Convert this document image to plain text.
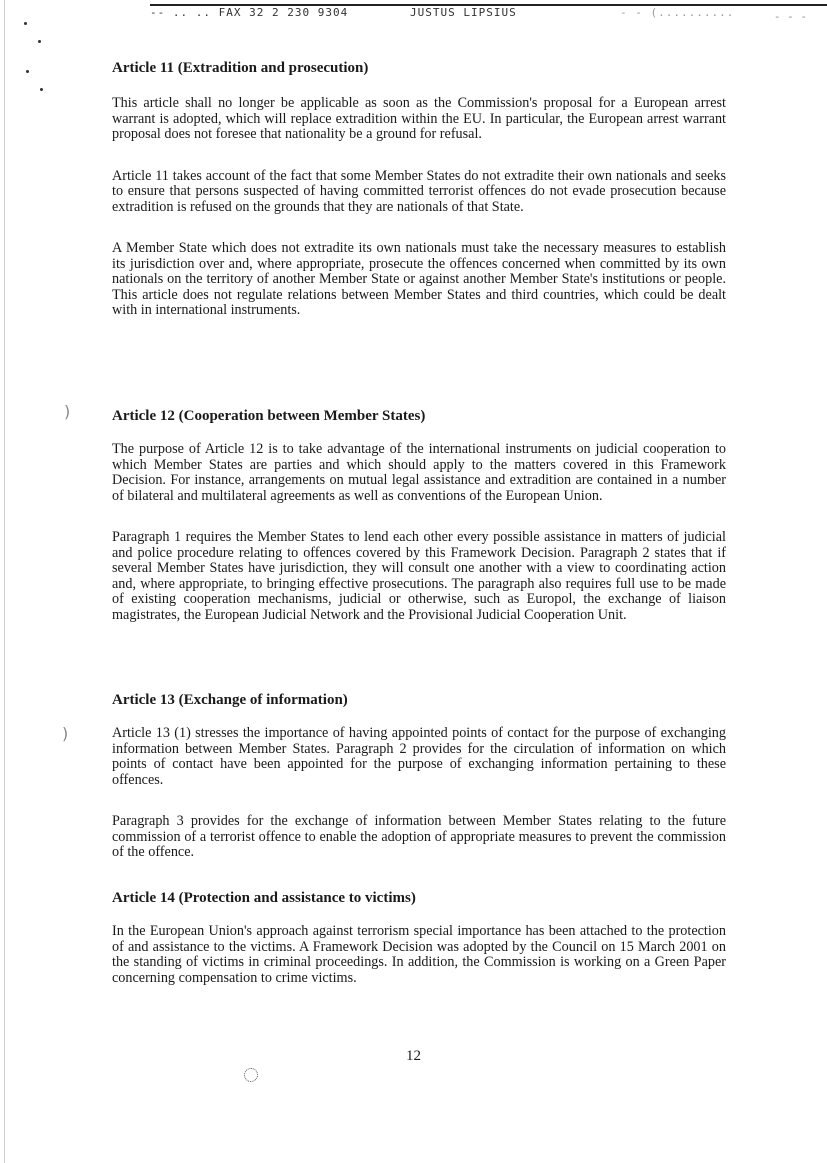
)
)
-- .. .. FAX 32 2 230 9304	JUSTUS LIPSIUS	- - (..........	- - -
Article 11 (Extradition and prosecution)

This article shall no longer be applicable as soon as the Commission's proposal for a European arrest warrant is adopted, which will replace extradition within the EU. In particular, the European arrest warrant proposal does not foresee that nationality be a ground for refusal.

Article 11 takes account of the fact that some Member States do not extradite their own nationals and seeks to ensure that persons suspected of having committed terrorist offences do not evade prosecution because extradition is refused on the grounds that they are nationals of that State.

A Member State which does not extradite its own nationals must take the necessary measures to establish its jurisdiction over and, where appropriate, prosecute the offences concerned when committed by its own nationals on the territory of another Member State or against another Member State's institutions or people. This article does not regulate relations between Member States and third countries, which could be dealt with in international instruments.

Article 12 (Cooperation between Member States)

The purpose of Article 12 is to take advantage of the international instruments on judicial cooperation to which Member States are parties and which should apply to the matters covered in this Framework Decision. For instance, arrangements on mutual legal assistance and extradition are contained in a number of bilateral and multilateral agreements as well as conventions of the European Union.

Paragraph 1 requires the Member States to lend each other every possible assistance in matters of judicial and police procedure relating to offences covered by this Framework Decision. Paragraph 2 states that if several Member States have jurisdiction, they will consult one another with a view to coordinating action and, where appropriate, to bringing effective prosecutions. The paragraph also requires full use to be made of existing cooperation mechanisms, judicial or otherwise, such as Europol, the exchange of liaison magistrates, the European Judicial Network and the Provisional Judicial Cooperation Unit.

Article 13 (Exchange of information)

Article 13 (1) stresses the importance of having appointed points of contact for the purpose of exchanging information between Member States. Paragraph 2 provides for the circulation of information on which points of contact have been appointed for the purpose of exchanging information pertaining to these offences.

Paragraph 3 provides for the exchange of information between Member States relating to the future commission of a terrorist offence to enable the adoption of appropriate measures to prevent the commission of the offence.

Article 14 (Protection and assistance to victims)

In the European Union's approach against terrorism special importance has been attached to the protection of and assistance to the victims. A Framework Decision was adopted by the Council on 15 March 2001 on the standing of victims in criminal proceedings. In addition, the Commission is working on a Green Paper concerning compensation to crime victims.

12
